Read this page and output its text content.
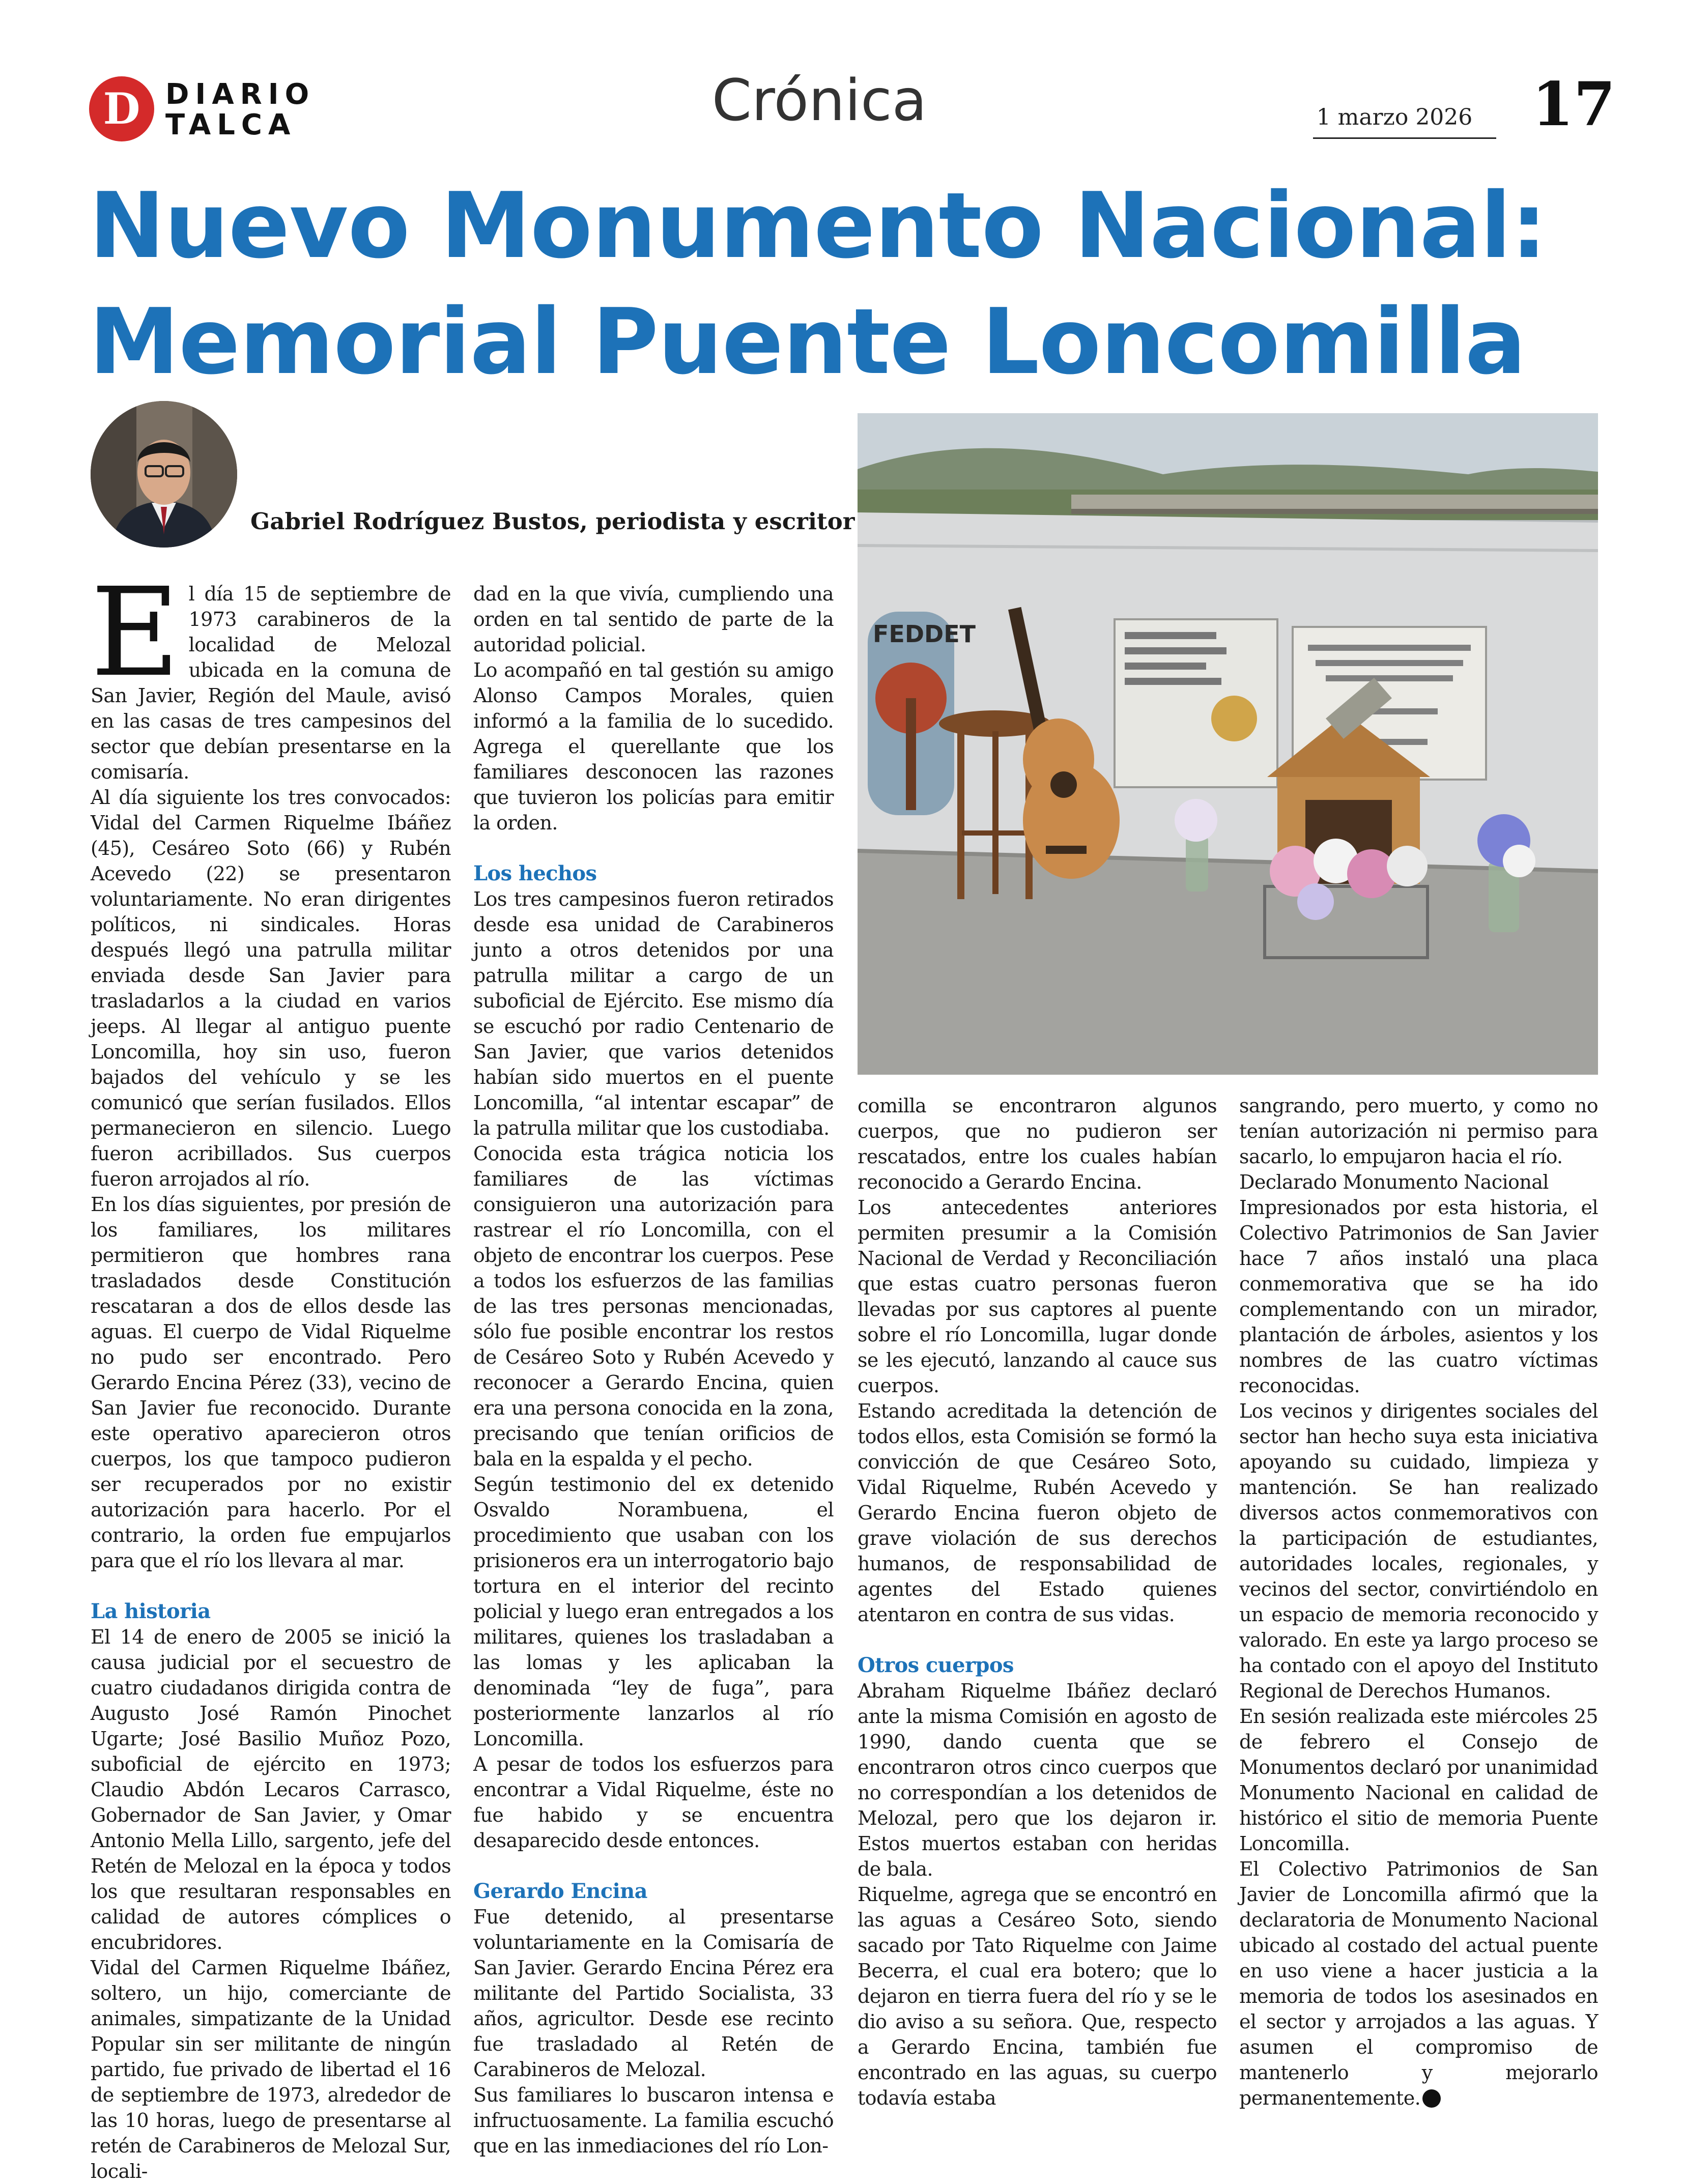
D DIARIO
TALCA	Crónica	1 marzo 2026 17
Nuevo Monumento Nacional:
Memorial Puente Loncomilla
Gabriel Rodríguez Bustos, periodista y escritor
FEDDET

El día 15 de septiembre de 1973 carabineros de la localidad de Melozal ubicada en la comuna de San Javier, Región del Maule, avisó en las casas de tres campesinos del sector que debían presentarse en la comisaría.

Al día siguiente los tres convocados: Vidal del Carmen Riquelme Ibáñez (45), Cesáreo Soto (66) y Rubén Acevedo (22) se presentaron voluntariamente. No eran dirigentes políticos, ni sindicales. Horas después llegó una patrulla militar enviada desde San Javier para trasladarlos a la ciudad en varios jeeps. Al llegar al antiguo puente Loncomilla, hoy sin uso, fueron bajados del vehículo y se les comunicó que serían fusilados. Ellos permanecieron en silencio. Luego fueron acribillados. Sus cuerpos fueron arrojados al río.

En los días siguientes, por presión de los familiares, los militares permitieron que hombres rana trasladados desde Constitución rescataran a dos de ellos desde las aguas. El cuerpo de Vidal Riquelme no pudo ser encontrado. Pero Gerardo Encina Pérez (33), vecino de San Javier fue reconocido. Durante este operativo aparecieron otros cuerpos, los que tampoco pudieron ser recuperados por no existir autorización para hacerlo. Por el contrario, la orden fue empujarlos para que el río los llevara al mar.

La historia

El 14 de enero de 2005 se inició la causa judicial por el secuestro de cuatro ciudadanos dirigida contra de Augusto José Ramón Pinochet Ugarte; José Basilio Muñoz Pozo, suboficial de ejército en 1973; Claudio Abdón Lecaros Carrasco, Gobernador de San Javier, y Omar Antonio Mella Lillo, sargento, jefe del Retén de Melozal en la época y todos los que resultaran responsables en calidad de autores cómplices o encubridores.

Vidal del Carmen Riquelme Ibáñez, soltero, un hijo, comerciante de animales, simpatizante de la Unidad Popular sin ser militante de ningún partido, fue privado de libertad el 16 de septiembre de 1973, alrededor de las 10 horas, luego de presentarse al retén de Carabineros de Melozal Sur, locali-

dad en la que vivía, cumpliendo una orden en tal sentido de parte de la autoridad policial.

Lo acompañó en tal gestión su amigo Alonso Campos Morales, quien informó a la familia de lo sucedido. Agrega el querellante que los familiares desconocen las razones que tuvieron los policías para emitir la orden.

Los hechos

Los tres campesinos fueron retirados desde esa unidad de Carabineros junto a otros detenidos por una patrulla militar a cargo de un suboficial de Ejército. Ese mismo día se escuchó por radio Centenario de San Javier, que varios detenidos habían sido muertos en el puente Loncomilla, “al intentar escapar” de la patrulla militar que los custodiaba.

Conocida esta trágica noticia los familiares de las víctimas consiguieron una autorización para rastrear el río Loncomilla, con el objeto de encontrar los cuerpos. Pese a todos los esfuerzos de las familias de las tres personas mencionadas, sólo fue posible encontrar los restos de Cesáreo Soto y Rubén Acevedo y reconocer a Gerardo Encina, quien era una persona conocida en la zona, precisando que tenían orificios de bala en la espalda y el pecho.

Según testimonio del ex detenido Osvaldo Norambuena, el procedimiento que usaban con los prisioneros era un interrogatorio bajo tortura en el interior del recinto policial y luego eran entregados a los militares, quienes los trasladaban a las lomas y les aplicaban la denominada “ley de fuga”, para posteriormente lanzarlos al río Loncomilla.

A pesar de todos los esfuerzos para encontrar a Vidal Riquelme, éste no fue habido y se encuentra desaparecido desde entonces.

Gerardo Encina

Fue detenido, al presentarse voluntariamente en la Comisaría de San Javier. Gerardo Encina Pérez era militante del Partido Socialista, 33 años, agricultor. Desde ese recinto fue trasladado al Retén de Carabineros de Melozal.

Sus familiares lo buscaron intensa e infructuosamente. La familia escuchó que en las inmediaciones del río Lon-

comilla se encontraron algunos cuerpos, que no pudieron ser rescatados, entre los cuales habían reconocido a Gerardo Encina.

Los antecedentes anteriores permiten presumir a la Comisión Nacional de Verdad y Reconciliación que estas cuatro personas fueron llevadas por sus captores al puente sobre el río Loncomilla, lugar donde se les ejecutó, lanzando al cauce sus cuerpos.

Estando acreditada la detención de todos ellos, esta Comisión se formó la convicción de que Cesáreo Soto, Vidal Riquelme, Rubén Acevedo y Gerardo Encina fueron objeto de grave violación de sus derechos humanos, de responsabilidad de agentes del Estado quienes atentaron en contra de sus vidas.

Otros cuerpos

Abraham Riquelme Ibáñez declaró ante la misma Comisión en agosto de 1990, dando cuenta que se encontraron otros cinco cuerpos que no correspondían a los detenidos de Melozal, pero que los dejaron ir. Estos muertos estaban con heridas de bala.

Riquelme, agrega que se encontró en las aguas a Cesáreo Soto, siendo sacado por Tato Riquelme con Jaime Becerra, el cual era botero; que lo dejaron en tierra fuera del río y se le dio aviso a su señora. Que, respecto a Gerardo Encina, también fue encontrado en las aguas, su cuerpo todavía estaba

sangrando, pero muerto, y como no tenían autorización ni permiso para sacarlo, lo empujaron hacia el río.

Declarado Monumento Nacional

Impresionados por esta historia, el Colectivo Patrimonios de San Javier hace 7 años instaló una placa conmemorativa que se ha ido complementando con un mirador, plantación de árboles, asientos y los nombres de las cuatro víctimas reconocidas.

Los vecinos y dirigentes sociales del sector han hecho suya esta iniciativa apoyando su cuidado, limpieza y mantención. Se han realizado diversos actos conmemorativos con la participación de estudiantes, autoridades locales, regionales, y vecinos del sector, convirtiéndolo en un espacio de memoria reconocido y valorado. En este ya largo proceso se ha contado con el apoyo del Instituto Regional de Derechos Humanos.

En sesión realizada este miércoles 25 de febrero el Consejo de Monumentos declaró por unanimidad Monumento Nacional en calidad de histórico el sitio de memoria Puente Loncomilla.

El Colectivo Patrimonios de San Javier de Loncomilla afirmó que la declaratoria de Monumento Nacional ubicado al costado del actual puente en uso viene a hacer justicia a la memoria de todos los asesinados en el sector y arrojados a las aguas. Y asumen el compromiso de mantenerlo y mejorarlo permanentemente.
